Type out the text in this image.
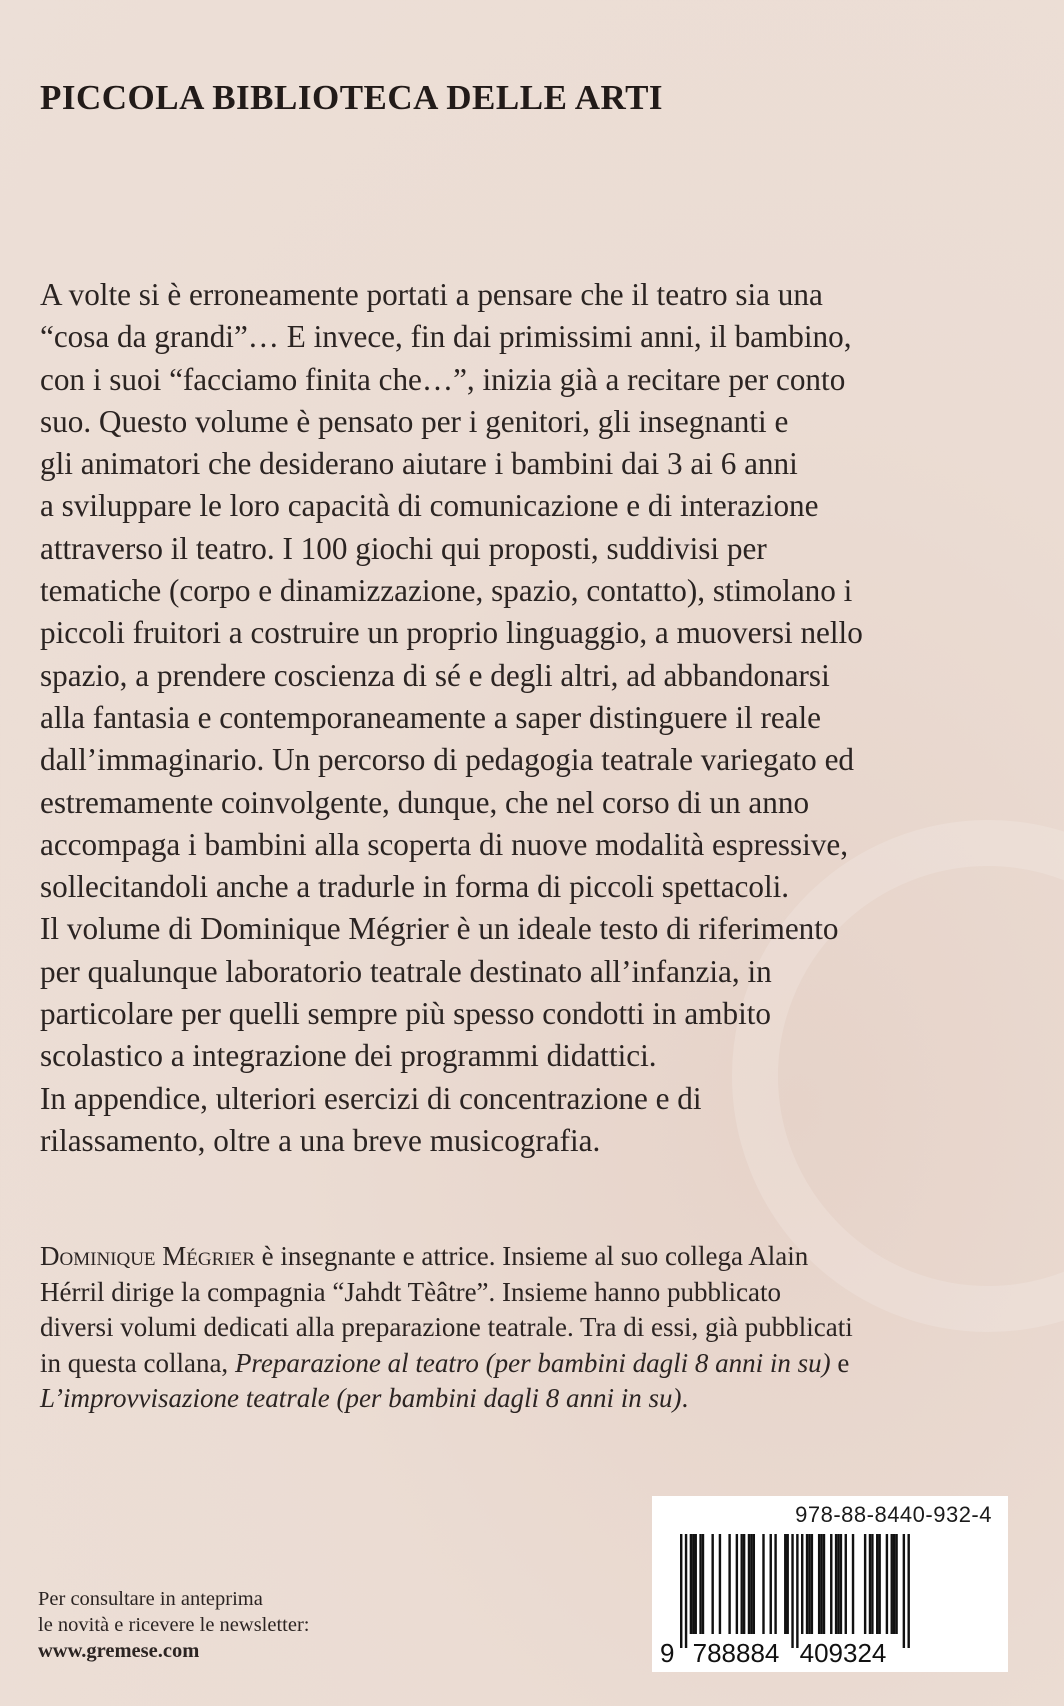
PICCOLA BIBLIOTECA DELLE ARTI
A volte si è erroneamente portati a pensare che il teatro sia una
“cosa da grandi”… E invece, fin dai primissimi anni, il bambino,
con i suoi “facciamo finita che…”, inizia già a recitare per conto
suo. Questo volume è pensato per i genitori, gli insegnanti e
gli animatori che desiderano aiutare i bambini dai 3 ai 6 anni
a sviluppare le loro capacità di comunicazione e di interazione
attraverso il teatro. I 100 giochi qui proposti, suddivisi per
tematiche (corpo e dinamizzazione, spazio, contatto), stimolano i
piccoli fruitori a costruire un proprio linguaggio, a muoversi nello
spazio, a prendere coscienza di sé e degli altri, ad abbandonarsi
alla fantasia e contemporaneamente a saper distinguere il reale
dall’immaginario. Un percorso di pedagogia teatrale variegato ed
estremamente coinvolgente, dunque, che nel corso di un anno
accompaga i bambini alla scoperta di nuove modalità espressive,
sollecitandoli anche a tradurle in forma di piccoli spettacoli.
Il volume di Dominique Mégrier è un ideale testo di riferimento
per qualunque laboratorio teatrale destinato all’infanzia, in
particolare per quelli sempre più spesso condotti in ambito
scolastico a integrazione dei programmi didattici.
In appendice, ulteriori esercizi di concentrazione e di
rilassamento, oltre a una breve musicografia.
Dominique Mégrier è insegnante e attrice. Insieme al suo collega Alain
Hérril dirige la compagnia “Jahdt Tèâtre”. Insieme hanno pubblicato
diversi volumi dedicati alla preparazione teatrale. Tra di essi, già pubblicati
in questa collana, Preparazione al teatro (per bambini dagli 8 anni in su) e
L’improvvisazione teatrale (per bambini dagli 8 anni in su).
Per consultare in anteprima
le novità e ricevere le newsletter:
www.gremese.com	9 788884 409324
978-88-8440-932-4
